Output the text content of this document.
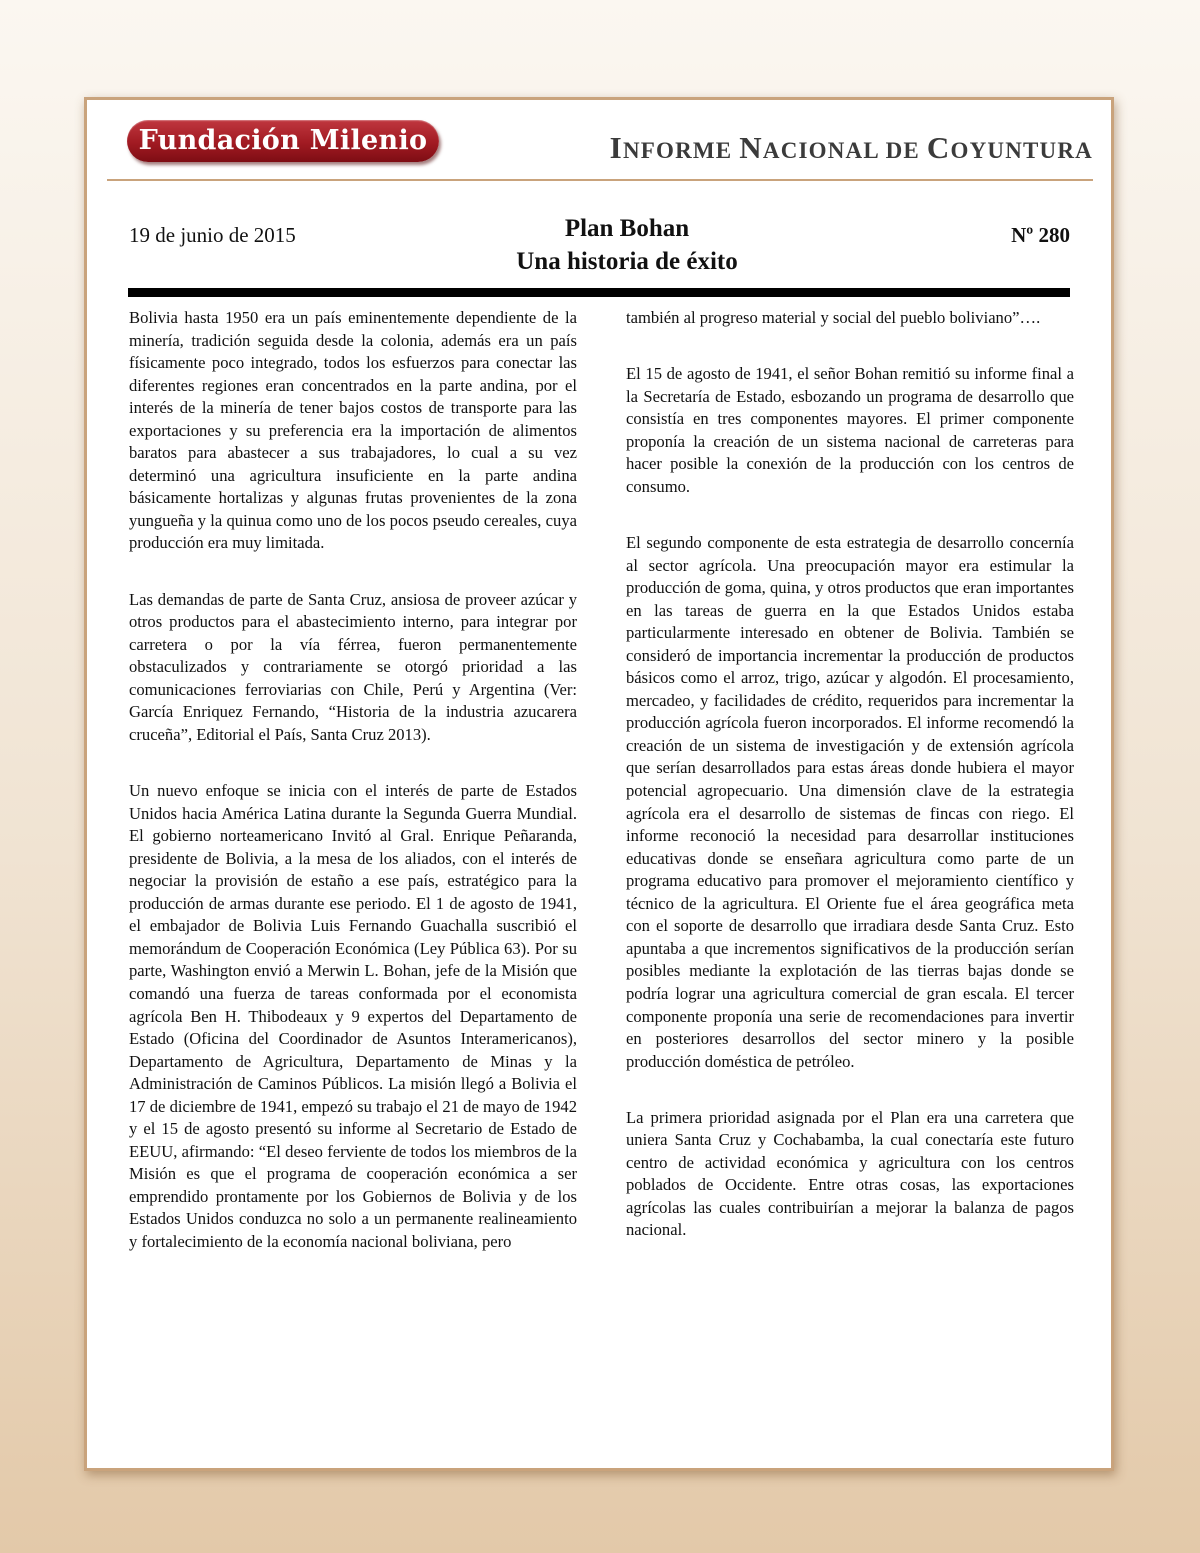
Fundación Milenio	INFORME NACIONAL DE COYUNTURA
19 de junio de 2015	Plan Bohan
Una historia de éxito
Nº 280

Bolivia hasta 1950 era un país eminentemente dependiente de la minería, tradición seguida desde la colonia, además era un país físicamente poco integrado, todos los esfuerzos para conectar las diferentes regiones eran concentrados en la parte andina, por el interés de la minería de tener bajos costos de transporte para las exportaciones y su preferencia era la importación de alimentos baratos para abastecer a sus trabajadores, lo cual a su vez determinó una agricultura insuficiente en la parte andina básicamente hortalizas y algunas frutas provenientes de la zona yungueña y la quinua como uno de los pocos pseudo cereales, cuya producción era muy limitada.

Las demandas de parte de Santa Cruz, ansiosa de proveer azúcar y otros productos para el abastecimiento interno, para integrar por carretera o por la vía férrea, fueron permanentemente obstaculizados y contrariamente se otorgó prioridad a las comunicaciones ferroviarias con Chile, Perú y Argentina (Ver: García Enriquez Fernando, “Historia de la industria azucarera cruceña”, Editorial el País, Santa Cruz 2013).

Un nuevo enfoque se inicia con el interés de parte de Estados Unidos hacia América Latina durante la Segunda Guerra Mundial. El gobierno norteamericano Invitó al Gral. Enrique Peñaranda, presidente de Bolivia, a la mesa de los aliados, con el interés de negociar la provisión de estaño a ese país, estratégico para la producción de armas durante ese periodo. El 1 de agosto de 1941, el embajador de Bolivia Luis Fernando Guachalla suscribió el memorándum de Cooperación Económica (Ley Pública 63). Por su parte, Washington envió a Merwin L. Bohan, jefe de la Misión que comandó una fuerza de tareas conformada por el economista agrícola Ben H. Thibodeaux y 9 expertos del Departamento de Estado (Oficina del Coordinador de Asuntos Interamericanos), Departamento de Agricultura, Departamento de Minas y la Administración de Caminos Públicos. La misión llegó a Bolivia el 17 de diciembre de 1941, empezó su trabajo el 21 de mayo de 1942 y el 15 de agosto presentó su informe al Secretario de Estado de EEUU, afirmando: “El deseo ferviente de todos los miembros de la Misión es que el programa de cooperación económica a ser emprendido prontamente por los Gobiernos de Bolivia y de los Estados Unidos conduzca no solo a un permanente realineamiento y fortalecimiento de la economía nacional boliviana, pero

también al progreso material y social del pueblo boliviano”….

El 15 de agosto de 1941, el señor Bohan remitió su informe final a la Secretaría de Estado, esbozando un programa de desarrollo que consistía en tres componentes mayores. El primer componente proponía la creación de un sistema nacional de carreteras para hacer posible la conexión de la producción con los centros de consumo.

El segundo componente de esta estrategia de desarrollo concernía al sector agrícola. Una preocupación mayor era estimular la producción de goma, quina, y otros productos que eran importantes en las tareas de guerra en la que Estados Unidos estaba particularmente interesado en obtener de Bolivia. También se consideró de importancia incrementar la producción de productos básicos como el arroz, trigo, azúcar y algodón. El procesamiento, mercadeo, y facilidades de crédito, requeridos para incrementar la producción agrícola fueron incorporados. El informe recomendó la creación de un sistema de investigación y de extensión agrícola que serían desarrollados para estas áreas donde hubiera el mayor potencial agropecuario. Una dimensión clave de la estrategia agrícola era el desarrollo de sistemas de fincas con riego. El informe reconoció la necesidad para desarrollar instituciones educativas donde se enseñara agricultura como parte de un programa educativo para promover el mejoramiento científico y técnico de la agricultura. El Oriente fue el área geográfica meta con el soporte de desarrollo que irradiara desde Santa Cruz. Esto apuntaba a que incrementos significativos de la producción serían posibles mediante la explotación de las tierras bajas donde se podría lograr una agricultura comercial de gran escala. El tercer componente proponía una serie de recomendaciones para invertir en posteriores desarrollos del sector minero y la posible producción doméstica de petróleo.

La primera prioridad asignada por el Plan era una carretera que uniera Santa Cruz y Cochabamba, la cual conectaría este futuro centro de actividad económica y agricultura con los centros poblados de Occidente. Entre otras cosas, las exportaciones agrícolas las cuales contribuirían a mejorar la balanza de pagos nacional.
